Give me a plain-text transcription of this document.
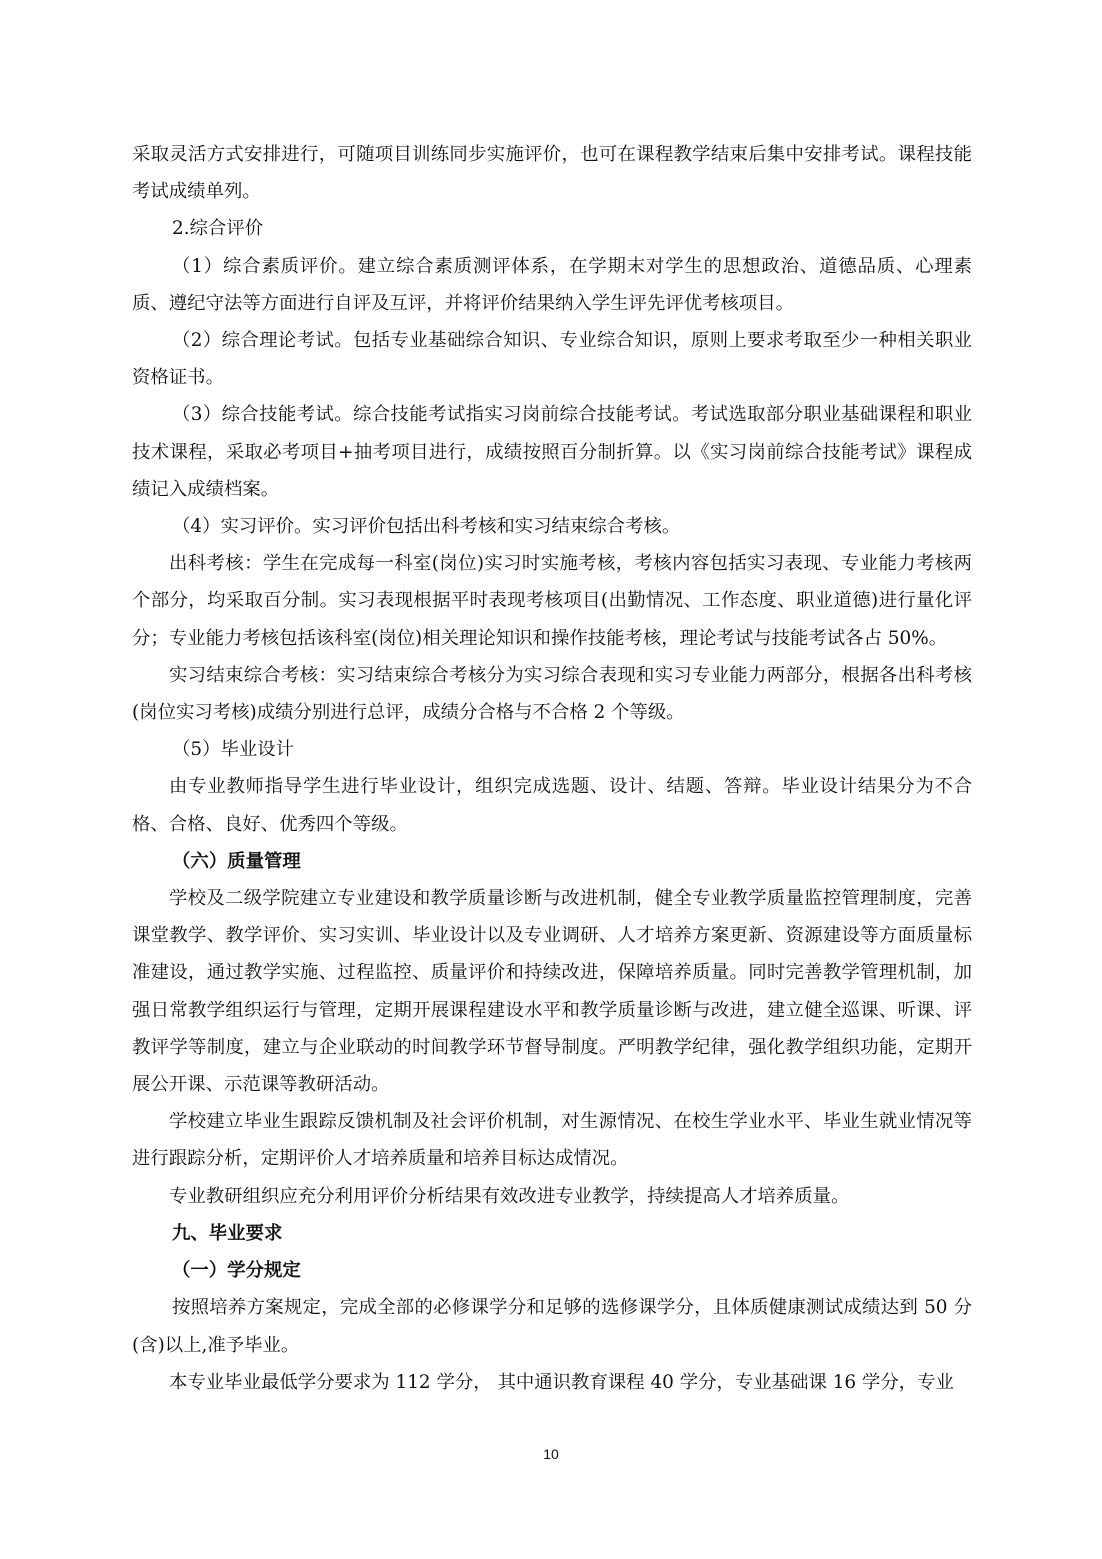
采取灵活方式安排进行，可随项目训练同步实施评价，也可在课程教学结束后集中安排考试。课程技能考试成绩单列。

2.综合评价

（1）综合素质评价。建立综合素质测评体系，在学期末对学生的思想政治、道德品质、心理素质、遵纪守法等方面进行自评及互评，并将评价结果纳入学生评先评优考核项目。

（2）综合理论考试。包括专业基础综合知识、专业综合知识，原则上要求考取至少一种相关职业资格证书。

（3）综合技能考试。综合技能考试指实习岗前综合技能考试。考试选取部分职业基础课程和职业技术课程，采取必考项目+抽考项目进行，成绩按照百分制折算。以《实习岗前综合技能考试》课程成绩记入成绩档案。

（4）实习评价。实习评价包括出科考核和实习结束综合考核。

出科考核：学生在完成每一科室(岗位)实习时实施考核，考核内容包括实习表现、专业能力考核两个部分，均采取百分制。实习表现根据平时表现考核项目(出勤情况、工作态度、职业道德)进行量化评分；专业能力考核包括该科室(岗位)相关理论知识和操作技能考核，理论考试与技能考试各占 50%。

实习结束综合考核：实习结束综合考核分为实习综合表现和实习专业能力两部分，根据各出科考核(岗位实习考核)成绩分别进行总评，成绩分合格与不合格 2 个等级。

（5）毕业设计

由专业教师指导学生进行毕业设计，组织完成选题、设计、结题、答辩。毕业设计结果分为不合格、合格、良好、优秀四个等级。

（六）质量管理

学校及二级学院建立专业建设和教学质量诊断与改进机制，健全专业教学质量监控管理制度，完善课堂教学、教学评价、实习实训、毕业设计以及专业调研、人才培养方案更新、资源建设等方面质量标准建设，通过教学实施、过程监控、质量评价和持续改进，保障培养质量。同时完善教学管理机制，加强日常教学组织运行与管理，定期开展课程建设水平和教学质量诊断与改进，建立健全巡课、听课、评教评学等制度，建立与企业联动的时间教学环节督导制度。严明教学纪律，强化教学组织功能，定期开展公开课、示范课等教研活动。

学校建立毕业生跟踪反馈机制及社会评价机制，对生源情况、在校生学业水平、毕业生就业情况等进行跟踪分析，定期评价人才培养质量和培养目标达成情况。

专业教研组织应充分利用评价分析结果有效改进专业教学，持续提高人才培养质量。

九、毕业要求

（一）学分规定

按照培养方案规定，完成全部的必修课学分和足够的选修课学分，且体质健康测试成绩达到 50 分(含)以上,准予毕业。

本专业毕业最低学分要求为 112 学分， 其中通识教育课程 40 学分，专业基础课 16 学分，专业

10
